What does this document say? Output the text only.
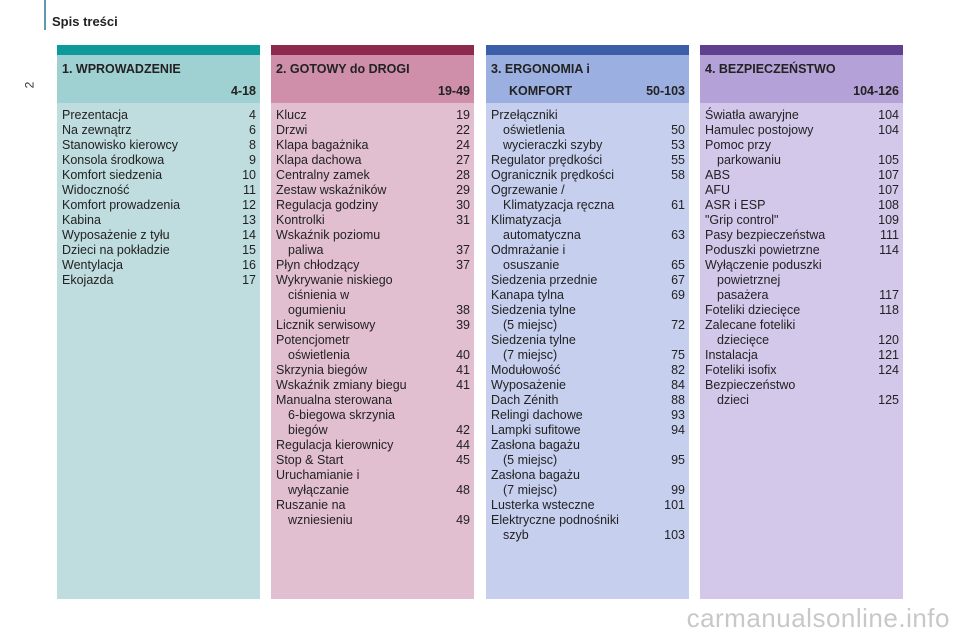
Spis treści
2
1. WPROWADZENIE
4-18
Prezentacja	4
Na zewnątrz	6
Stanowisko kierowcy	8
Konsola środkowa	9
Komfort siedzenia	10
Widoczność	11
Komfort prowadzenia	12
Kabina	13
Wyposażenie z tyłu	14
Dzieci na pokładzie	15
Wentylacja	16
Ekojazda	17
2. GOTOWY do DROGI
19-49
Klucz	19
Drzwi	22
Klapa bagażnika	24
Klapa dachowa	27
Centralny zamek	28
Zestaw wskaźników	29
Regulacja godziny	30
Kontrolki	31
Wskaźnik poziomu
paliwa	37
Płyn chłodzący	37
Wykrywanie niskiego
ciśnienia w
ogumieniu	38
Licznik serwisowy	39
Potencjometr
oświetlenia	40
Skrzynia biegów	41
Wskaźnik zmiany biegu	41
Manualna sterowana
6-biegowa skrzynia
biegów	42
Regulacja kierownicy	44
Stop & Start	45
Uruchamianie i
wyłączanie	48
Ruszanie na
wzniesieniu	49
3. ERGONOMIA i
KOMFORT	50-103
Przełączniki
oświetlenia	50
wycieraczki szyby	53
Regulator prędkości	55
Ogranicznik prędkości	58
Ogrzewanie /
Klimatyzacja ręczna	61
Klimatyzacja
automatyczna	63
Odmrażanie i
osuszanie	65
Siedzenia przednie	67
Kanapa tylna	69
Siedzenia tylne
(5 miejsc)	72
Siedzenia tylne
(7 miejsc)	75
Modułowość	82
Wyposażenie	84
Dach Zénith	88
Relingi dachowe	93
Lampki sufitowe	94
Zasłona bagażu
(5 miejsc)	95
Zasłona bagażu
(7 miejsc)	99
Lusterka wsteczne	101
Elektryczne podnośniki
szyb	103
4. BEZPIECZEŃSTWO
104-126
Światła awaryjne	104
Hamulec postojowy	104
Pomoc przy
parkowaniu	105
ABS	107
AFU	107
ASR i ESP	108
"Grip control"	109
Pasy bezpieczeństwa	111
Poduszki powietrzne	114
Wyłączenie poduszki
powietrznej
pasażera	117
Foteliki dziecięce	118
Zalecane foteliki
dziecięce	120
Instalacja	121
Foteliki isofix	124
Bezpieczeństwo
dzieci	125
carmanualsonline.info
